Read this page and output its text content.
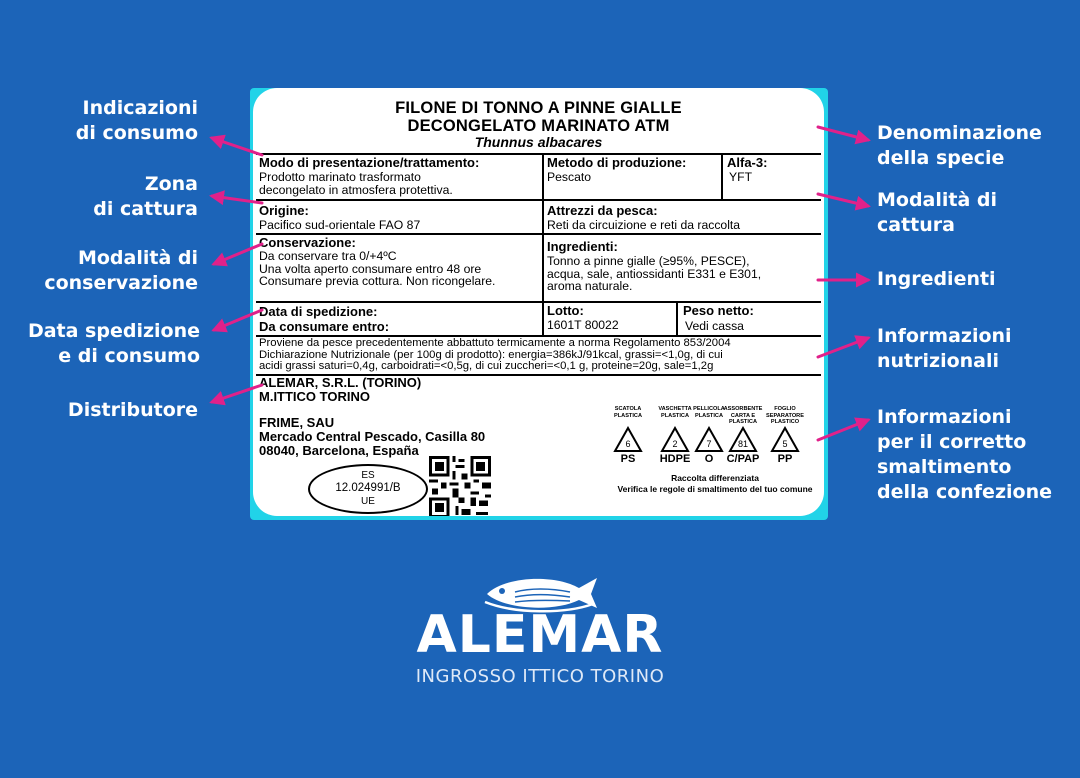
Indicazioni
di consumo
Zona
di cattura
Modalità di
conservazione
Data spedizione
e di consumo
Distributore
Denominazione
della specie
Modalità di
cattura
Ingredienti
Informazioni
nutrizionali
Informazioni
per il corretto
smaltimento
della confezione
FILONE DI TONNO A PINNE GIALLE
DECONGELATO MARINATO ATM
Thunnus albacares
Modo di presentazione/trattamento:
Prodotto marinato trasformato
decongelato in atmosfera protettiva.
Metodo di produzione:
Pescato
Alfa-3:
YFT
Origine:
Pacifico sud-orientale FAO 87
Attrezzi da pesca:
Reti da circuizione e reti da raccolta
Conservazione:
Da conservare tra 0/+4ºC
Una volta aperto consumare entro 48 ore
Consumare previa cottura. Non ricongelare.
Ingredienti:
Tonno a pinne gialle (≥95%, PESCE),
acqua, sale, antiossidanti E331 e E301,
aroma naturale.
Data di spedizione:
Da consumare entro:
Lotto:
1601T 80022
Peso netto:
Vedi cassa
Proviene da pesce precedentemente abbattuto termicamente a norma Regolamento 853/2004
Dichiarazione Nutrizionale (per 100g di prodotto): energia=386kJ/91kcal, grassi=<1,0g, di cui
acidi grassi saturi=0,4g, carboidrati=<0,5g, di cui zuccheri=<0,1 g, proteine=20g, sale=1,2g
ALEMAR, S.R.L. (TORINO)
M.ITTICO TORINO
FRIME, SAU
Mercado Central Pescado, Casilla 80
08040, Barcelona, España
ES
12.024991/B
UE
SCATOLA PLASTICA
6
PS
VASCHETTA PLASTICA
2
HDPE
PELLICOLA PLASTICA
7
O
ASSORBENTE CARTA E PLASTICA
81
C/PAP
FOGLIO SEPARATORE PLASTICO
5
PP
Raccolta differenziata
Verifica le regole di smaltimento del tuo comune
ALEMAR
INGROSSO ITTICO TORINO
